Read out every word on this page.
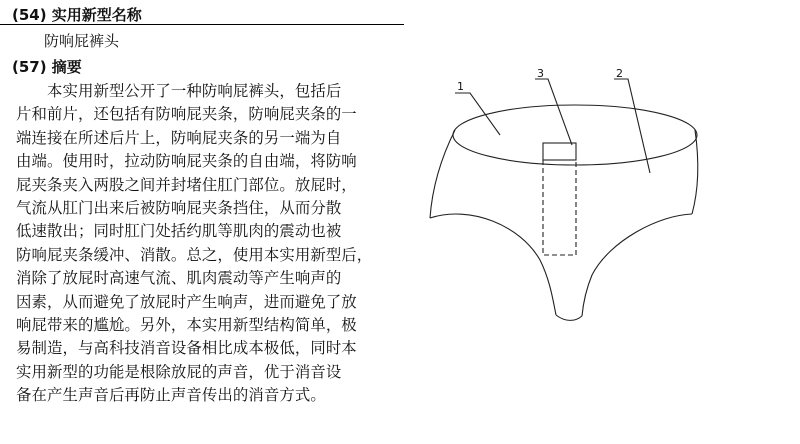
(54) 实用新型名称
防响屁裤头
(57) 摘要
　　本实用新型公开了一种防响屁裤头，包括后
片和前片，还包括有防响屁夹条，防响屁夹条的一
端连接在所述后片上，防响屁夹条的另一端为自
由端。使用时，拉动防响屁夹条的自由端，将防响
屁夹条夹入两股之间并封堵住肛门部位。放屁时，
气流从肛门出来后被防响屁夹条挡住，从而分散
低速散出；同时肛门处括约肌等肌肉的震动也被
防响屁夹条缓冲、消散。总之，使用本实用新型后，
消除了放屁时高速气流、肌肉震动等产生响声的
因素，从而避免了放屁时产生响声，进而避免了放
响屁带来的尴尬。另外，本实用新型结构简单，极
易制造，与高科技消音设备相比成本极低，同时本
实用新型的功能是根除放屁的声音，优于消音设
备在产生声音后再防止声音传出的消音方式。
1
3	2
